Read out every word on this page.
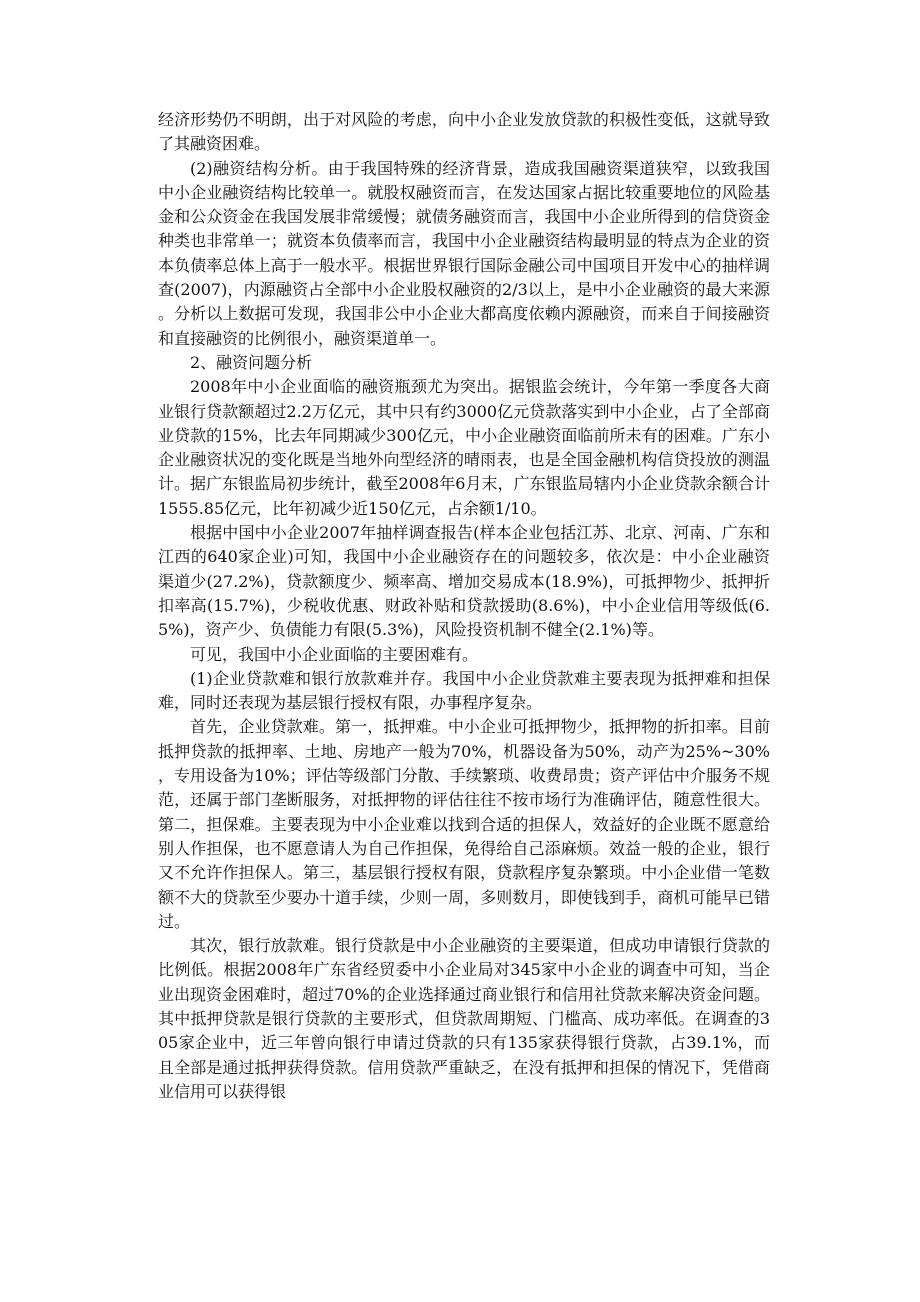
经济形势仍不明朗，出于对风险的考虑，向中小企业发放贷款的积极性变低，这就导致了其融资困难。

(2)融资结构分析。由于我国特殊的经济背景，造成我国融资渠道狭窄，以致我国中小企业融资结构比较单一。就股权融资而言，在发达国家占据比较重要地位的风险基金和公众资金在我国发展非常缓慢；就债务融资而言，我国中小企业所得到的信贷资金种类也非常单一；就资本负债率而言，我国中小企业融资结构最明显的特点为企业的资本负债率总体上高于一般水平。根据世界银行国际金融公司中国项目开发中心的抽样调查(2007)，内源融资占全部中小企业股权融资的2/3以上，是中小企业融资的最大来源。分析以上数据可发现，我国非公中小企业大都高度依赖内源融资，而来自于间接融资和直接融资的比例很小，融资渠道单一。

2、融资问题分析

2008年中小企业面临的融资瓶颈尤为突出。据银监会统计，今年第一季度各大商业银行贷款额超过2.2万亿元，其中只有约3000亿元贷款落实到中小企业，占了全部商业贷款的15%，比去年同期减少300亿元，中小企业融资面临前所未有的困难。广东小企业融资状况的变化既是当地外向型经济的晴雨表，也是全国金融机构信贷投放的测温计。据广东银监局初步统计，截至2008年6月末，广东银监局辖内小企业贷款余额合计1555.85亿元，比年初减少近150亿元，占余额1/10。

根据中国中小企业2007年抽样调查报告(样本企业包括江苏、北京、河南、广东和江西的640家企业)可知，我国中小企业融资存在的问题较多，依次是：中小企业融资渠道少(27.2%)，贷款额度少、频率高、增加交易成本(18.9%)，可抵押物少、抵押折扣率高(15.7%)，少税收优惠、财政补贴和贷款援助(8.6%)，中小企业信用等级低(6.5%)，资产少、负债能力有限(5.3%)，风险投资机制不健全(2.1%)等。

可见，我国中小企业面临的主要困难有。

(1)企业贷款难和银行放款难并存。我国中小企业贷款难主要表现为抵押难和担保难，同时还表现为基层银行授权有限，办事程序复杂。

首先，企业贷款难。第一，抵押难。中小企业可抵押物少，抵押物的折扣率。目前抵押贷款的抵押率、土地、房地产一般为70%，机器设备为50%，动产为25%~30%，专用设备为10%；评估等级部门分散、手续繁琐、收费昂贵；资产评估中介服务不规范，还属于部门垄断服务，对抵押物的评估往往不按市场行为准确评估，随意性很大。第二，担保难。主要表现为中小企业难以找到合适的担保人，效益好的企业既不愿意给别人作担保，也不愿意请人为自己作担保，免得给自己添麻烦。效益一般的企业，银行又不允许作担保人。第三，基层银行授权有限，贷款程序复杂繁琐。中小企业借一笔数额不大的贷款至少要办十道手续，少则一周，多则数月，即使钱到手，商机可能早已错过。

其次，银行放款难。银行贷款是中小企业融资的主要渠道，但成功申请银行贷款的比例低。根据2008年广东省经贸委中小企业局对345家中小企业的调查中可知，当企业出现资金困难时，超过70%的企业选择通过商业银行和信用社贷款来解决资金问题。其中抵押贷款是银行贷款的主要形式，但贷款周期短、门槛高、成功率低。在调查的305家企业中，近三年曾向银行申请过贷款的只有135家获得银行贷款，占39.1%，而且全部是通过抵押获得贷款。信用贷款严重缺乏，在没有抵押和担保的情况下，凭借商业信用可以获得银
